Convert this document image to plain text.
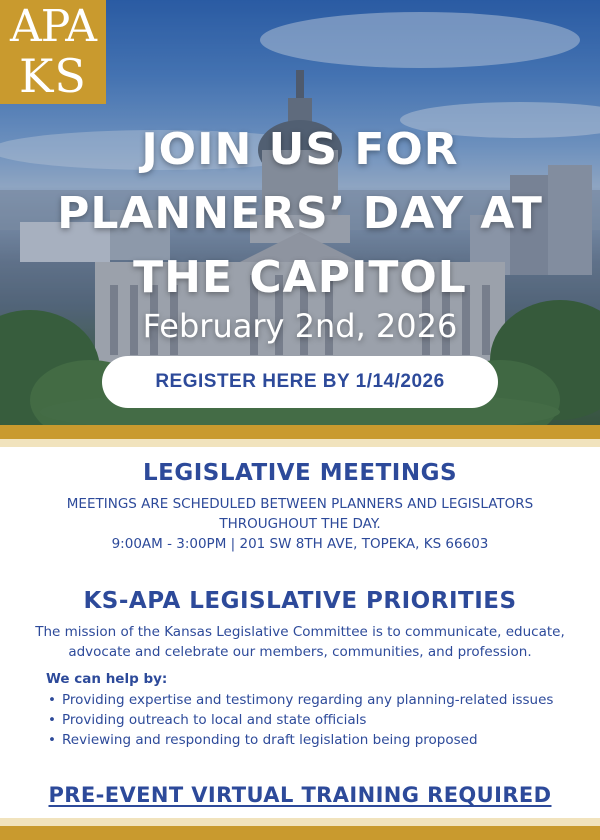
APA
KS
JOIN US FOR
PLANNERS’ DAY AT
THE CAPITOL
February 2nd, 2026
REGISTER HERE BY 1/14/2026
LEGISLATIVE MEETINGS
MEETINGS ARE SCHEDULED BETWEEN PLANNERS AND LEGISLATORS
THROUGHOUT THE DAY.
9:00AM - 3:00PM | 201 SW 8TH AVE, TOPEKA, KS 66603
KS-APA LEGISLATIVE PRIORITIES
The mission of the Kansas Legislative Committee is to communicate, educate,
advocate and celebrate our members, communities, and profession.
We can help by:
• Providing expertise and testimony regarding any planning-related issues
• Providing outreach to local and state officials
• Reviewing and responding to draft legislation being proposed
PRE-EVENT VIRTUAL TRAINING REQUIRED
